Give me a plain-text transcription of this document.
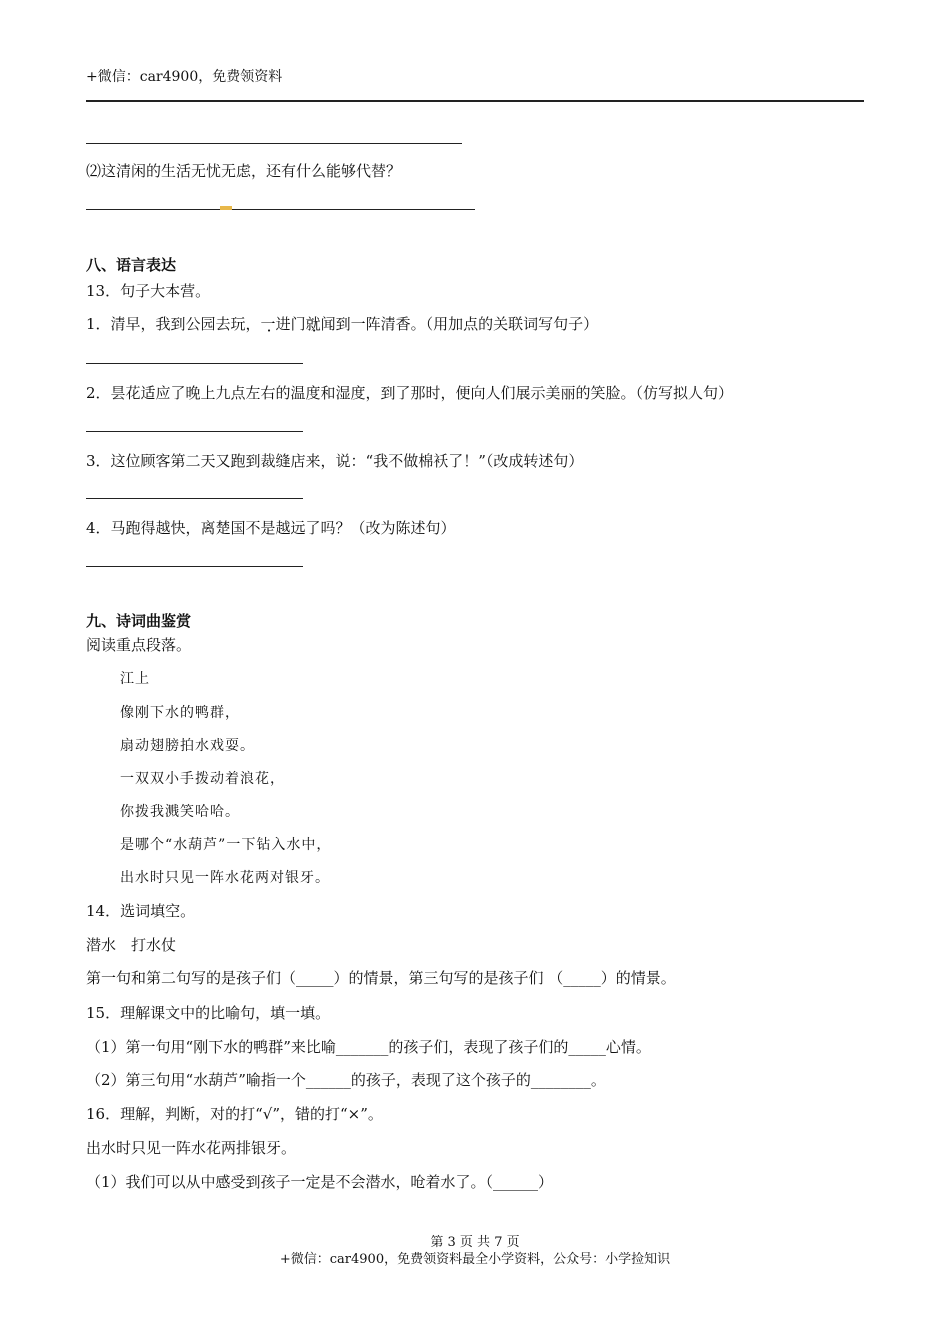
+微信：car4900，免费领资料
⑵这清闲的生活无忧无虑，还有什么能够代替？
八、语言表达
13．句子大本营。
1．清早，我到公园去玩，一进门就闻到一阵清香。（用加点的关联词写句子）
2．昙花适应了晚上九点左右的温度和湿度，到了那时，便向人们展示美丽的笑脸。（仿写拟人句）
3．这位顾客第二天又跑到裁缝店来，说：“我不做棉袄了！”（改成转述句）
4．马跑得越快，离楚国不是越远了吗？（改为陈述句）
九、诗词曲鉴赏
阅读重点段落。
江上
像刚下水的鸭群，
扇动翅膀拍水戏耍。
一双双小手拨动着浪花，
你拨我溅笑哈哈。
是哪个“水葫芦”一下钻入水中，
出水时只见一阵水花两对银牙。
14．选词填空。
潜水　打水仗
第一句和第二句写的是孩子们（_____）的情景，第三句写的是孩子们 （_____）的情景。
15．理解课文中的比喻句，填一填。
（1）第一句用“刚下水的鸭群”来比喻_______的孩子们，表现了孩子们的_____心情。
（2）第三句用“水葫芦”喻指一个______的孩子，表现了这个孩子的________。
16．理解，判断，对的打“√”，错的打“×”。
出水时只见一阵水花两排银牙。
（1）我们可以从中感受到孩子一定是不会潜水，呛着水了。（______）
第 3 页 共 7 页
+微信：car4900，免费领资料最全小学资料，公众号：小学捡知识
